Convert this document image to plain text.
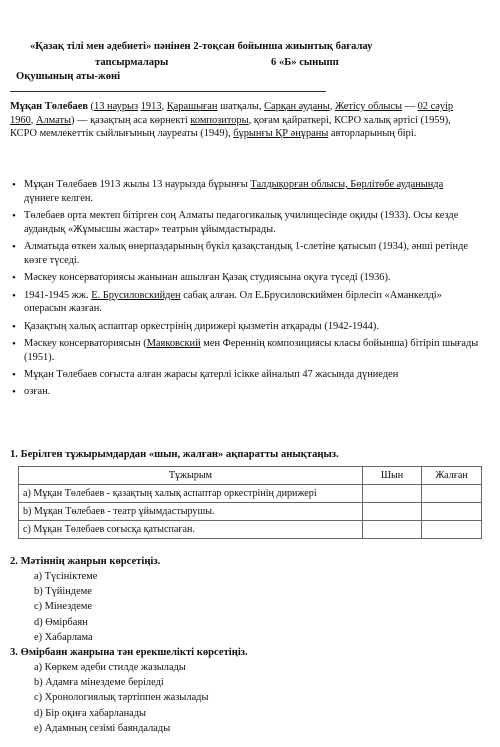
«Қазақ тілі мен әдебиеті» пәнінен 2-тоқсан бойынша жиынтық бағалау
тапсырмалары	6 «Б» сыныпп
Оқушының аты-жөні
Мұқан Төлебаев (13 наурыз 1913, Қарашыған шатқалы, Сарқан ауданы, Жетісу облысы — 02 сәуір 1960, Алматы) — қазақтың аса көрнекті композиторы, қоғам қайраткері, КСРО халық әртісі (1959), КСРО мемлекеттік сыйлығының лауреаты (1949), бұрынғы ҚР әнұраны авторларының бірі.
• Мұқан Төлебаев 1913 жылы 13 наурызда бұрынғы Талдықорған облысы, Бөрлітөбе ауданында дүниеге келген.
• Төлебаев орта мектеп бітірген соң Алматы педагогикалық училищесінде оқиды (1933). Осы кезде аудандық «Жұмысшы жастар» театрын ұйымдастырады.
• Алматыда өткен халық өнерпаздарының бүкіл қазақстандық 1-слетіне қатысып (1934), әнші ретінде көзге түседі.
• Мәскеу консерваториясы жанынан ашылған Қазақ студиясына оқуға түседі (1936).
• 1941-1945 жж. Е. Брусиловскийден сабақ алған. Ол Е.Брусиловскиймен бірлесіп «Аманкелді» операсын жазған.
• Қазақтың халық аспаптар оркестрінің дирижері қызметін атқарады (1942-1944).
• Мәскеу консерваториясын (Маяковский мен Ференнің композициясы класы бойынша) бітіріп шығады (1951).
• Мұқан Төлебаев соғыста алған жарасы қатерлі ісікке айналып 47 жасында дүниеден
• озған.
1. Берілген тұжырымдардан «шын, жалған» ақпаратты анықтаңыз.
Тұжырым	Шын	Жалған
а) Мұқан Төлебаев - қазақтың халық аспаптар оркестрінің дирижері		
b) Мұқан Төлебаев - театр ұйымдастырушы.		
c) Мұқан Төлебаев соғысқа қатыспаған.		
2. Мәтіннің жанрын көрсетіңіз.
а) Түсініктеме
b) Түйіндеме
c) Мінездеме
d) Өмірбаян
е) Хабарлама
3. Өмірбаян жанрына тән ерекшелікті көрсетіңіз.
а) Көркем әдеби стилде жазылады
b) Адамға мінездеме беріледі
c) Хронологиялық тәртіппен жазылады
d) Бір оқиға хабарланады
е) Адамның сезімі баяндалады
